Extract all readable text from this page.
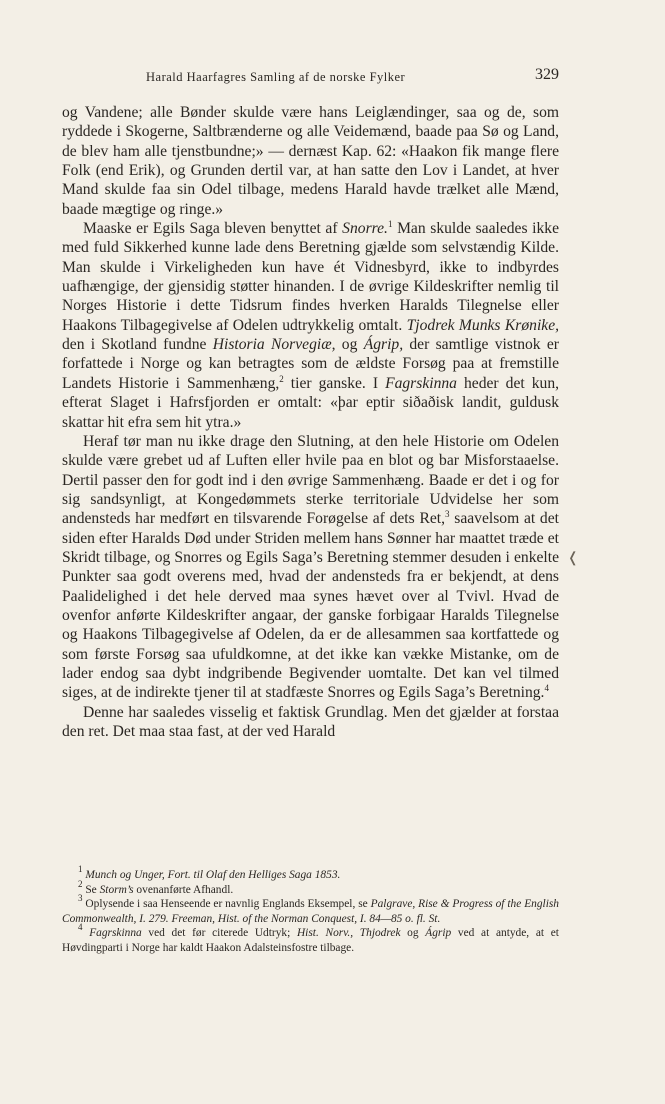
Harald Haarfagres Samling af de norske Fylker	329

og Vandene; alle Bønder skulde være hans Leiglændinger, saa og de, som ryddede i Skogerne, Saltbrænderne og alle Veidemænd, baade paa Sø og Land, de blev ham alle tjenstbundne;» — dernæst Kap. 62: «Haakon fik mange flere Folk (end Erik), og Grunden dertil var, at han satte den Lov i Landet, at hver Mand skulde faa sin Odel tilbage, medens Harald havde trælket alle Mænd, baade mægtige og ringe.»

Maaske er Egils Saga bleven benyttet af Snorre.$^1$ Man skulde saaledes ikke med fuld Sikkerhed kunne lade dens Beretning gjælde som selvstændig Kilde. Man skulde i Virkeligheden kun have ét Vidnesbyrd, ikke to indbyrdes uafhængige, der gjensidig støtter hinanden. I de øvrige Kildeskrifter nemlig til Norges Historie i dette Tidsrum findes hverken Haralds Tilegnelse eller Haakons Tilbagegivelse af Odelen udtrykkelig omtalt. Tjodrek Munks Krønike, den i Skotland fundne Historia Norvegiæ, og Ágrip, der samtlige vistnok er forfattede i Norge og kan betragtes som de ældste Forsøg paa at fremstille Landets Historie i Sammenhæng,$^2$ tier ganske. I Fagrskinna heder det kun, efterat Slaget i Hafrsfjorden er omtalt: «þar eptir siðaðisk landit, guldusk skattar hit efra sem hit ytra.»

Heraf tør man nu ikke drage den Slutning, at den hele Historie om Odelen skulde være grebet ud af Luften eller hvile paa en blot og bar Misforstaaelse. Dertil passer den for godt ind i den øvrige Sammenhæng. Baade er det i og for sig sandsynligt, at Kongedømmets sterke territoriale Udvidelse her som andensteds har medført en tilsvarende Forøgelse af dets Ret,$^3$ saavelsom at det siden efter Haralds Død under Striden mellem hans Sønner har maattet træde et Skridt tilbage, og Snorres og Egils Saga’s Beretning stemmer desuden i enkelte Punkter saa godt overens med, hvad der andensteds fra er bekjendt, at dens Paalidelighed i det hele derved maa synes hævet over al Tvivl. Hvad de ovenfor anførte Kildeskrifter angaar, der ganske forbigaar Haralds Tilegnelse og Haakons Tilbagegivelse af Odelen, da er de allesammen saa kortfattede og som første Forsøg saa ufuldkomne, at det ikke kan vække Mistanke, om de lader endog saa dybt indgribende Begivender uomtalte. Det kan vel tilmed siges, at de indirekte tjener til at stadfæste Snorres og Egils Saga’s Beretning.$^4$

Denne har saaledes visselig et faktisk Grundlag. Men det gjælder at forstaa den ret. Det maa staa fast, at der ved Harald

❬

$^1$ Munch og Unger, Fort. til Olaf den Helliges Saga 1853.

$^2$ Se Storm’s ovenanførte Afhandl.

$^3$ Oplysende i saa Henseende er navnlig Englands Eksempel, se Palgrave, Rise & Progress of the English Commonwealth, I. 279. Freeman, Hist. of the Norman Conquest, I. 84—85 o. fl. St.

$^4$ Fagrskinna ved det før citerede Udtryk; Hist. Norv., Thjodrek og Ágrip ved at antyde, at et Høvdingparti i Norge har kaldt Haakon Adalsteinsfostre tilbage.
